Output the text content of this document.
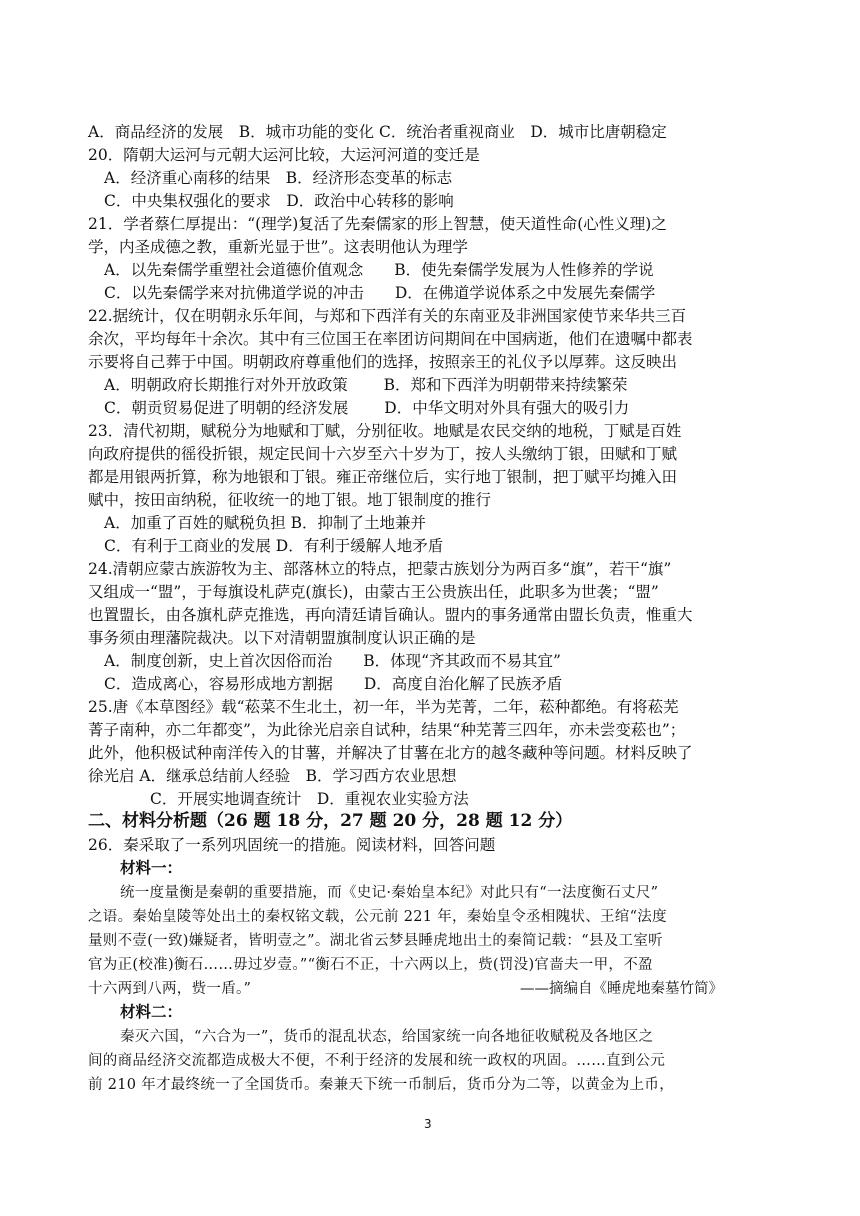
A．商品经济的发展　B．城市功能的变化 C．统治者重视商业　D．城市比唐朝稳定
20．隋朝大运河与元朝大运河比较，大运河河道的变迁是
A．经济重心南移的结果　B．经济形态变革的标志
C．中央集权强化的要求　D．政治中心转移的影响
21．学者蔡仁厚提出：“(理学)复活了先秦儒家的形上智慧，使天道性命(心性义理)之
学，内圣成德之教，重新光显于世”。这表明他认为理学
A．以先秦儒学重塑社会道德价值观念　　B．使先秦儒学发展为人性修养的学说
C．以先秦儒学来对抗佛道学说的冲击　　D．在佛道学说体系之中发展先秦儒学
22.据统计，仅在明朝永乐年间，与郑和下西洋有关的东南亚及非洲国家使节来华共三百
余次，平均每年十余次。其中有三位国王在率团访问期间在中国病逝，他们在遗嘱中都表
示要将自己葬于中国。明朝政府尊重他们的选择，按照亲王的礼仪予以厚葬。这反映出
A．明朝政府长期推行对外开放政策　　 B．郑和下西洋为明朝带来持续繁荣
C．朝贡贸易促进了明朝的经济发展　　 D．中华文明对外具有强大的吸引力
23．清代初期，赋税分为地赋和丁赋，分别征收。地赋是农民交纳的地税，丁赋是百姓
向政府提供的徭役折银，规定民间十六岁至六十岁为丁，按人头缴纳丁银，田赋和丁赋
都是用银两折算，称为地银和丁银。雍正帝继位后，实行地丁银制，把丁赋平均摊入田
赋中，按田亩纳税，征收统一的地丁银。地丁银制度的推行
A．加重了百姓的赋税负担 B．抑制了土地兼并
C．有利于工商业的发展 D．有利于缓解人地矛盾
24.清朝应蒙古族游牧为主、部落林立的特点，把蒙古族划分为两百多“旗”，若干“旗”
又组成一“盟”，于每旗设札萨克(旗长)，由蒙古王公贵族出任，此职多为世袭；“盟”
也置盟长，由各旗札萨克推选，再向清廷请旨确认。盟内的事务通常由盟长负责，惟重大
事务须由理藩院裁决。以下对清朝盟旗制度认识正确的是
A．制度创新，史上首次因俗而治　　B．体现“齐其政而不易其宜”
C．造成离心，容易形成地方割据　　D．高度自治化解了民族矛盾
25.唐《本草图经》载“菘菜不生北土，初一年，半为芜菁，二年，菘种都绝。有将菘芜
菁子南种，亦二年都变”，为此徐光启亲自试种，结果“种芜菁三四年，亦未尝变菘也”；
此外，他积极试种南洋传入的甘薯，并解决了甘薯在北方的越冬藏种等问题。材料反映了
徐光启 A．继承总结前人经验　B．学习西方农业思想
C．开展实地调查统计　D．重视农业实验方法
二、材料分析题（26 题 18 分，27 题 20 分，28 题 12 分）
26．秦采取了一系列巩固统一的措施。阅读材料，回答问题
材料一：
统一度量衡是秦朝的重要措施，而《史记·秦始皇本纪》对此只有“一法度衡石丈尺”
之语。秦始皇陵等处出土的秦权铭文载，公元前 221 年，秦始皇令丞相隗状、王绾“法度
量则不壹(一致)嫌疑者，皆明壹之”。湖北省云梦县睡虎地出土的秦简记载：“县及工室听
官为正(校准)衡石……毋过岁壹。”“衡石不正，十六两以上，赀(罚没)官啬夫一甲，不盈
十六两到八两，赀一盾。”	——摘编自《睡虎地秦墓竹简》
材料二：
秦灭六国，“六合为一”，货币的混乱状态，给国家统一向各地征收赋税及各地区之
间的商品经济交流都造成极大不便，不利于经济的发展和统一政权的巩固。……直到公元
前 210 年才最终统一了全国货币。秦兼天下统一币制后，货币分为二等，以黄金为上币，
3
